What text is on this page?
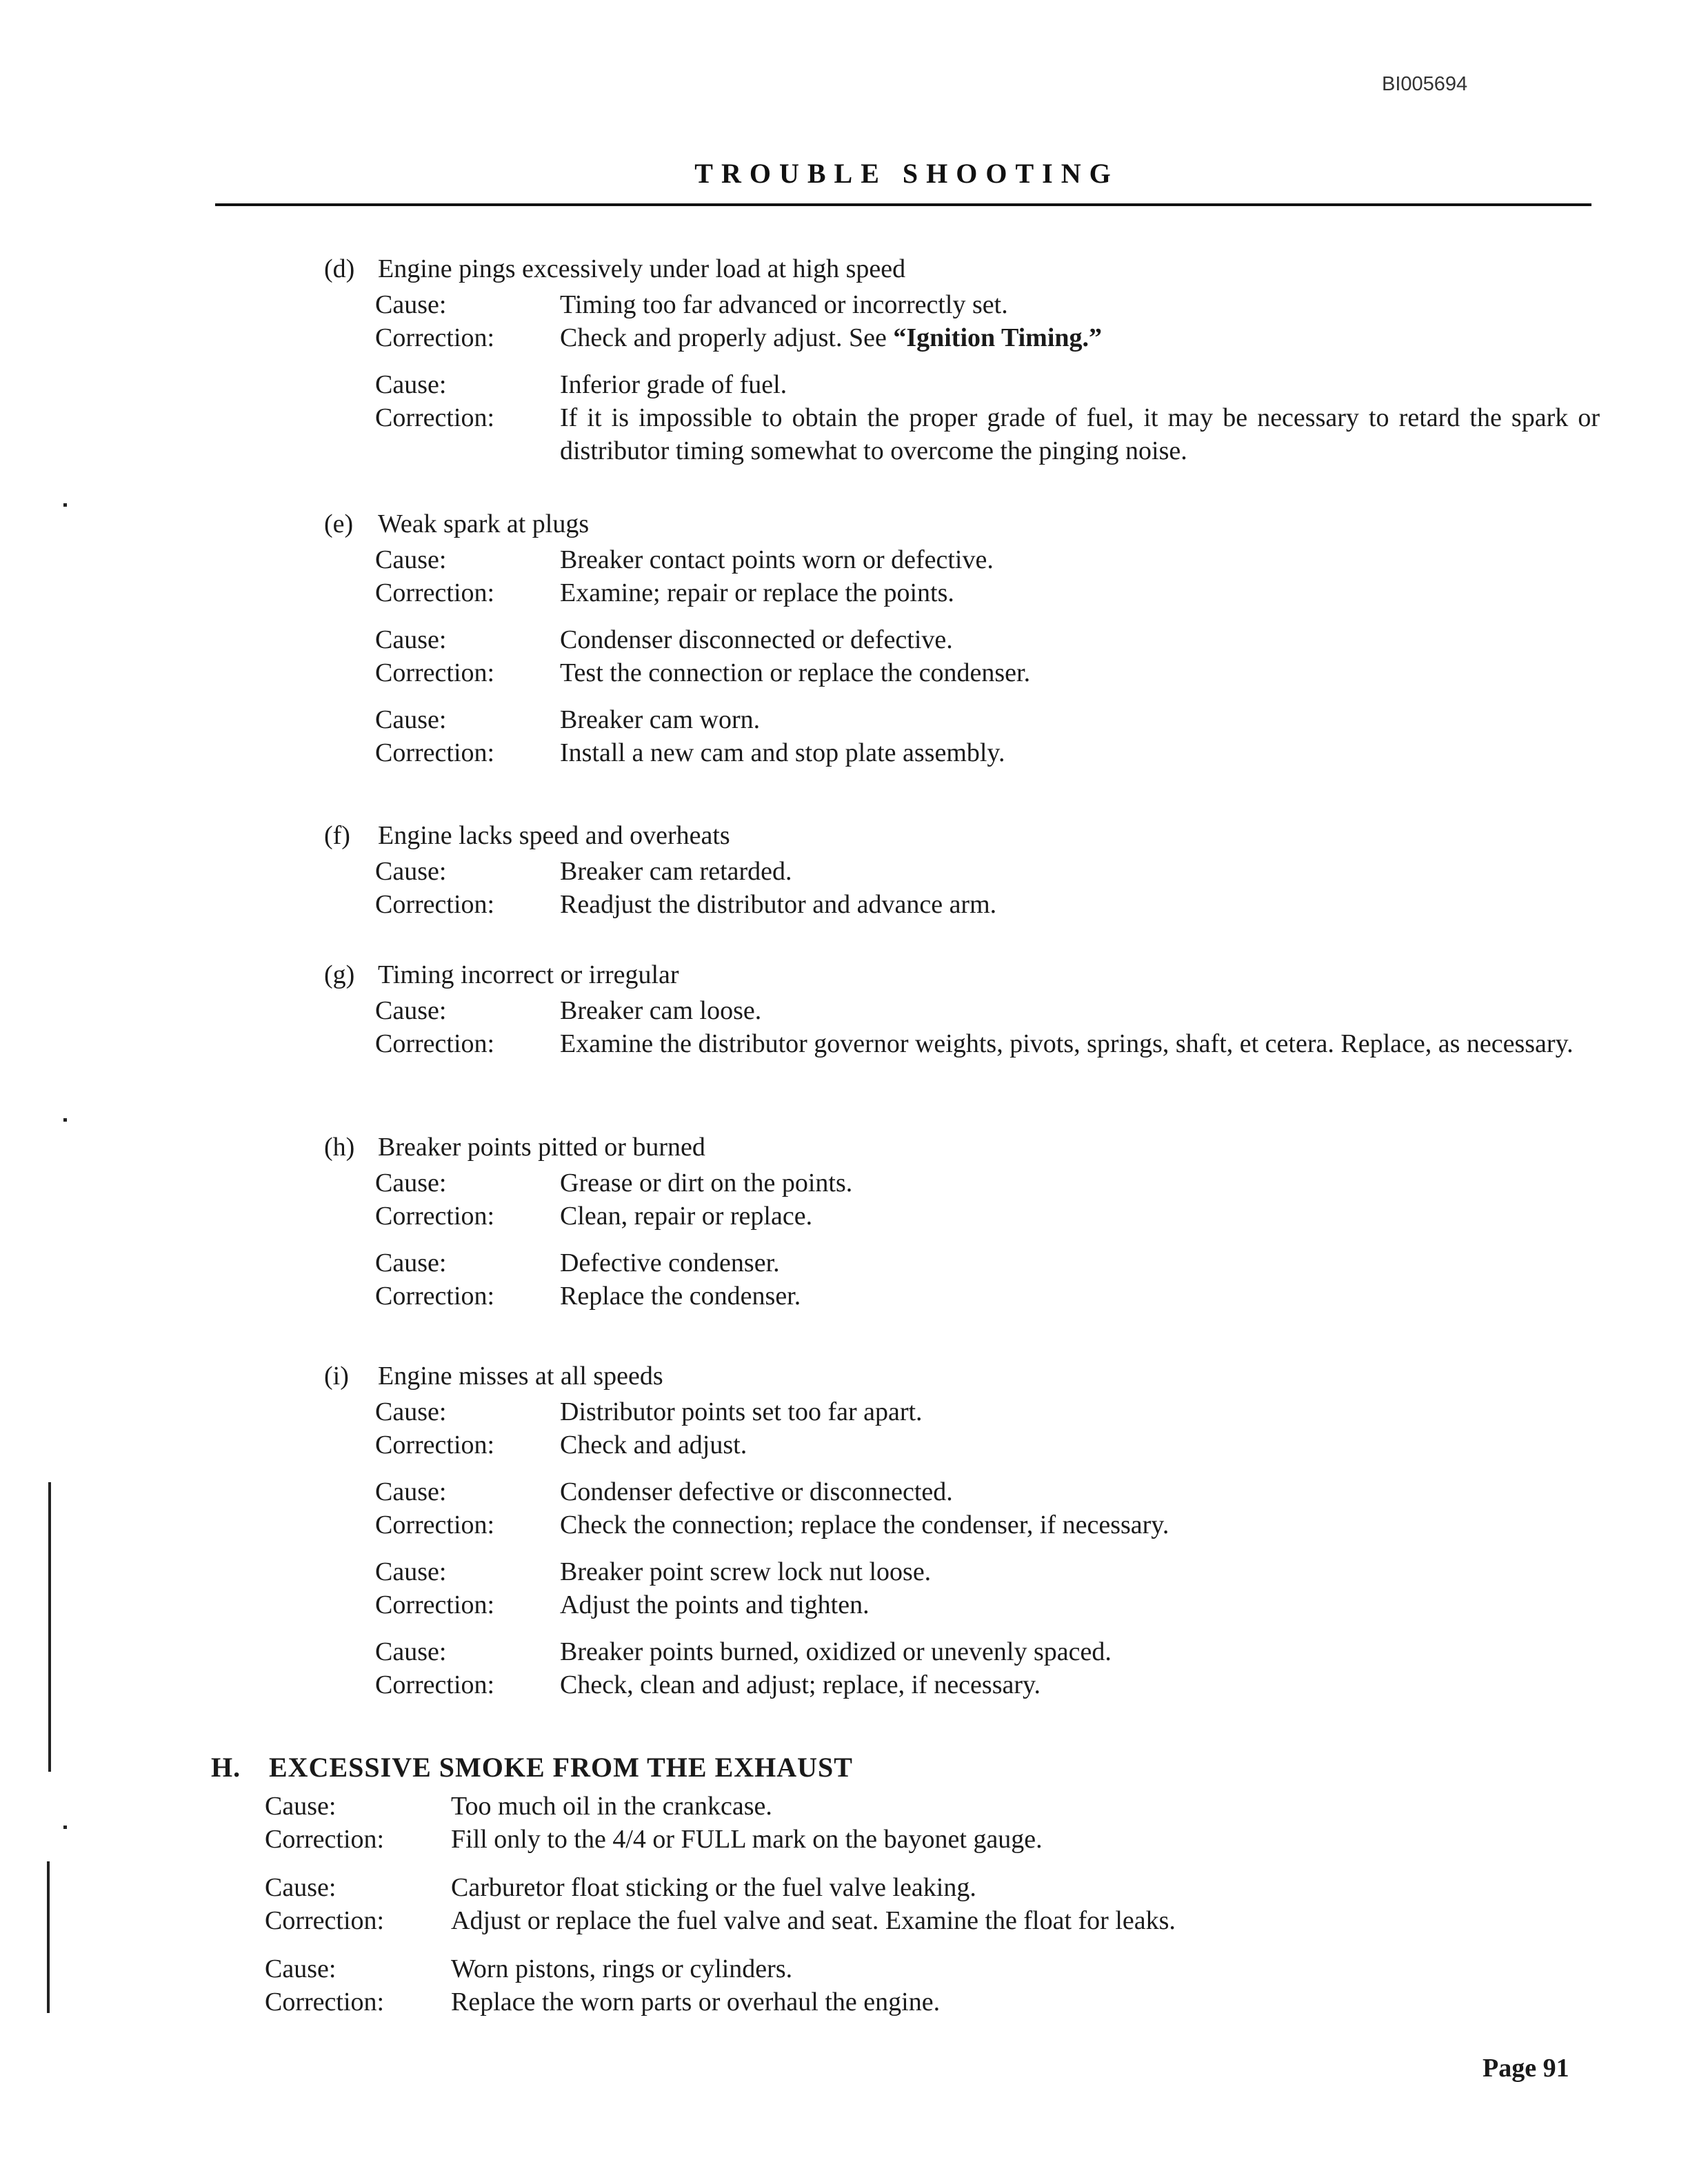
BI005694
TROUBLE SHOOTING
(d) Engine pings excessively under load at high speed
Cause:	Timing too far advanced or incorrectly set.
Correction:	Check and properly adjust. See “Ignition Timing.”
Cause:	Inferior grade of fuel.
Correction:	If it is impossible to obtain the proper grade of fuel, it may be necessary to retard the spark or distributor timing somewhat to overcome the pinging noise.
(e) Weak spark at plugs
Cause:	Breaker contact points worn or defective.
Correction:	Examine; repair or replace the points.
Cause:	Condenser disconnected or defective.
Correction:	Test the connection or replace the condenser.
Cause:	Breaker cam worn.
Correction:	Install a new cam and stop plate assembly.
(f) Engine lacks speed and overheats
Cause:	Breaker cam retarded.
Correction:	Readjust the distributor and advance arm.
(g) Timing incorrect or irregular
Cause:	Breaker cam loose.
Correction:	Examine the distributor governor weights, pivots, springs, shaft, et cetera. Replace, as necessary.
(h) Breaker points pitted or burned
Cause:	Grease or dirt on the points.
Correction:	Clean, repair or replace.
Cause:	Defective condenser.
Correction:	Replace the condenser.
(i) Engine misses at all speeds
Cause:	Distributor points set too far apart.
Correction:	Check and adjust.
Cause:	Condenser defective or disconnected.
Correction:	Check the connection; replace the condenser, if necessary.
Cause:	Breaker point screw lock nut loose.
Correction:	Adjust the points and tighten.
Cause:	Breaker points burned, oxidized or unevenly spaced.
Correction:	Check, clean and adjust; replace, if necessary.
H. EXCESSIVE SMOKE FROM THE EXHAUST
Cause:	Too much oil in the crankcase.
Correction:	Fill only to the 4/4 or FULL mark on the bayonet gauge.
Cause:	Carburetor float sticking or the fuel valve leaking.
Correction:	Adjust or replace the fuel valve and seat. Examine the float for leaks.
Cause:	Worn pistons, rings or cylinders.
Correction:	Replace the worn parts or overhaul the engine.
Page 91
